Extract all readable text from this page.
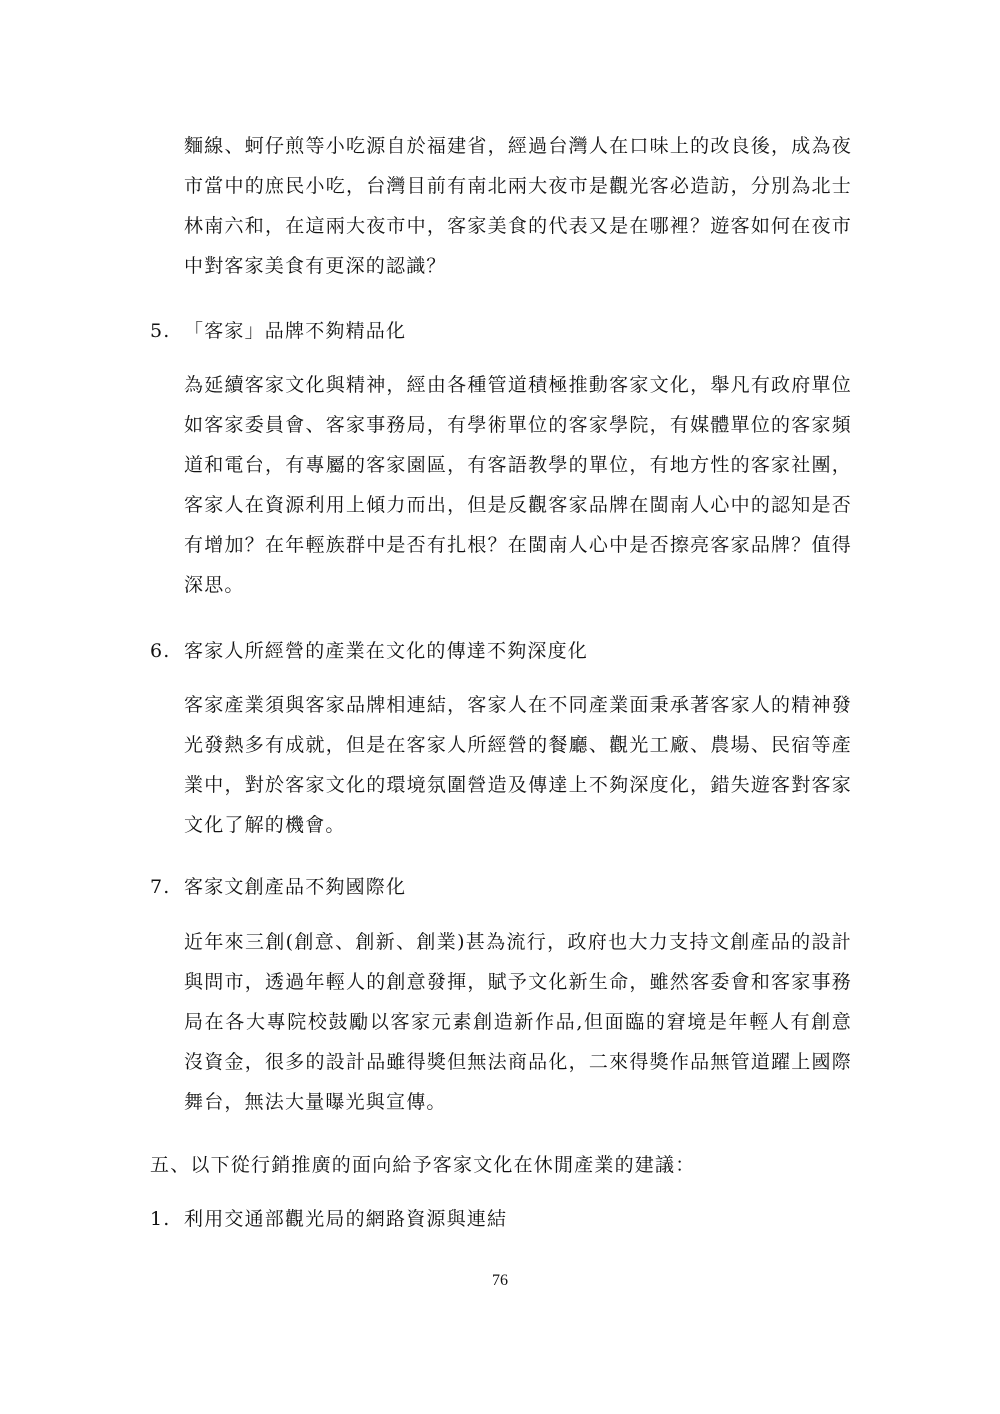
麵線、蚵仔煎等小吃源自於福建省，經過台灣人在口味上的改良後，成為夜市當中的庶民小吃，台灣目前有南北兩大夜市是觀光客必造訪，分別為北士林南六和，在這兩大夜市中，客家美食的代表又是在哪裡？遊客如何在夜市中對客家美食有更深的認識？

5. 「客家」品牌不夠精品化

為延續客家文化與精神，經由各種管道積極推動客家文化，舉凡有政府單位如客家委員會、客家事務局，有學術單位的客家學院，有媒體單位的客家頻道和電台，有專屬的客家園區，有客語教學的單位，有地方性的客家社團，客家人在資源利用上傾力而出，但是反觀客家品牌在閩南人心中的認知是否有增加？在年輕族群中是否有扎根？在閩南人心中是否擦亮客家品牌？值得深思。

6. 客家人所經營的產業在文化的傳達不夠深度化

客家產業須與客家品牌相連結，客家人在不同產業面秉承著客家人的精神發光發熱多有成就，但是在客家人所經營的餐廳、觀光工廠、農場、民宿等產業中，對於客家文化的環境氛圍營造及傳達上不夠深度化，錯失遊客對客家文化了解的機會。

7. 客家文創產品不夠國際化

近年來三創(創意、創新、創業)甚為流行，政府也大力支持文創產品的設計與問市，透過年輕人的創意發揮，賦予文化新生命，雖然客委會和客家事務局在各大專院校鼓勵以客家元素創造新作品,但面臨的窘境是年輕人有創意沒資金，很多的設計品雖得獎但無法商品化，二來得獎作品無管道躍上國際舞台，無法大量曝光與宣傳。

五、以下從行銷推廣的面向給予客家文化在休閒產業的建議：
1. 利用交通部觀光局的網路資源與連結
76
